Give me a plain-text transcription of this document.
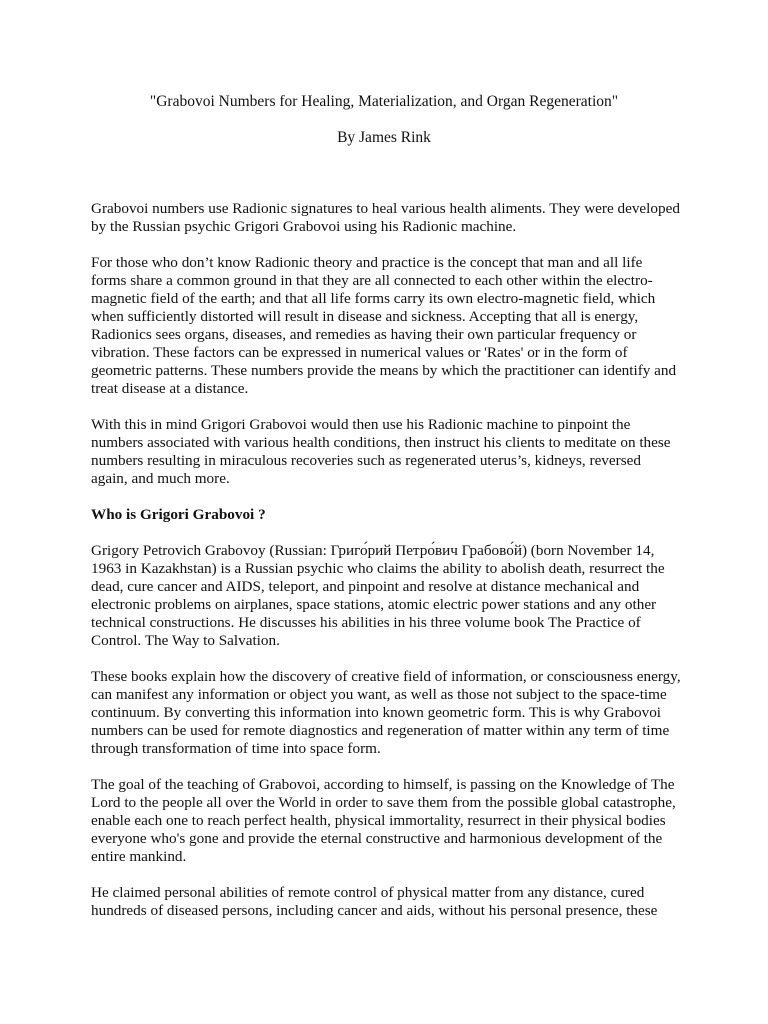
"Grabovoi Numbers for Healing, Materialization, and Organ Regeneration"

By James Rink

Grabovoi numbers use Radionic signatures to heal various health aliments. They were developed by the Russian psychic Grigori Grabovoi using his Radionic machine.

For those who don’t know Radionic theory and practice is the concept that man and all life forms share a common ground in that they are all connected to each other within the electro-magnetic field of the earth; and that all life forms carry its own electro-magnetic field, which when sufficiently distorted will result in disease and sickness. Accepting that all is energy, Radionics sees organs, diseases, and remedies as having their own particular frequency or vibration. These factors can be expressed in numerical values or 'Rates' or in the form of geometric patterns. These numbers provide the means by which the practitioner can identify and treat disease at a distance.

With this in mind Grigori Grabovoi would then use his Radionic machine to pinpoint the numbers associated with various health conditions, then instruct his clients to meditate on these numbers resulting in miraculous recoveries such as regenerated uterus’s, kidneys, reversed again, and much more.

Who is Grigori Grabovoi ?

Grigory Petrovich Grabovoy (Russian: Григо́рий Петро́вич Грабово́й) (born November 14, 1963 in Kazakhstan) is a Russian psychic who claims the ability to abolish death, resurrect the dead, cure cancer and AIDS, teleport, and pinpoint and resolve at distance mechanical and electronic problems on airplanes, space stations, atomic electric power stations and any other technical constructions. He discusses his abilities in his three volume book The Practice of Control. The Way to Salvation.

These books explain how the discovery of creative field of information, or consciousness energy, can manifest any information or object you want, as well as those not subject to the space-time continuum. By converting this information into known geometric form. This is why Grabovoi numbers can be used for remote diagnostics and regeneration of matter within any term of time through transformation of time into space form.

The goal of the teaching of Grabovoi, according to himself, is passing on the Knowledge of The Lord to the people all over the World in order to save them from the possible global catastrophe, enable each one to reach perfect health, physical immortality, resurrect in their physical bodies everyone who's gone and provide the eternal constructive and harmonious development of the entire mankind.

He claimed personal abilities of remote control of physical matter from any distance, cured hundreds of diseased persons, including cancer and aids, without his personal presence, these
